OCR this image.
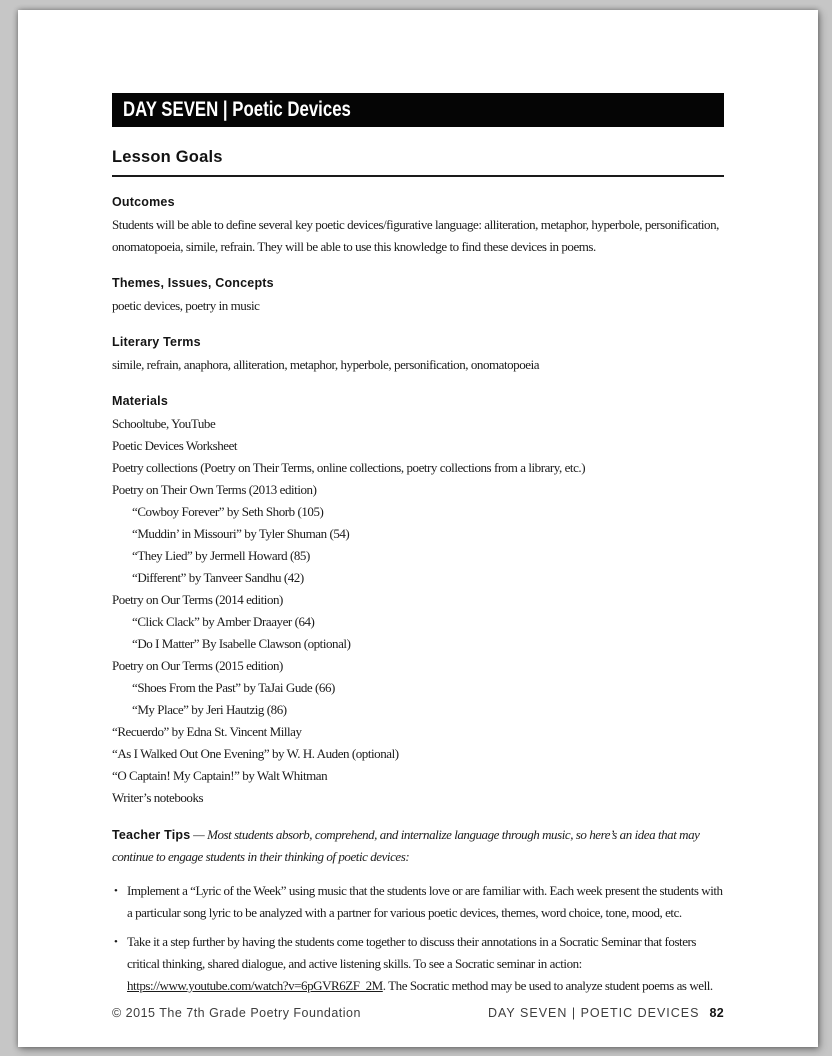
DAY SEVEN | Poetic Devices
Lesson Goals
Outcomes
Students will be able to define several key poetic devices/figurative language: alliteration, metaphor, hyperbole, personification, onomatopoeia, simile, refrain. They will be able to use this knowledge to find these devices in poems.
Themes, Issues, Concepts
poetic devices, poetry in music
Literary Terms
simile, refrain, anaphora, alliteration, metaphor, hyperbole, personification, onomatopoeia
Materials
Schooltube, YouTube
Poetic Devices Worksheet
Poetry collections (Poetry on Their Terms, online collections, poetry collections from a library, etc.)
Poetry on Their Own Terms (2013 edition)
“Cowboy Forever” by Seth Shorb (105)
“Muddin’ in Missouri” by Tyler Shuman (54)
“They Lied” by Jermell Howard (85)
“Different” by Tanveer Sandhu (42)
Poetry on Our Terms (2014 edition)
“Click Clack” by Amber Draayer (64)
“Do I Matter” By Isabelle Clawson (optional)
Poetry on Our Terms (2015 edition)
“Shoes From the Past” by TaJai Gude (66)
“My Place” by Jeri Hautzig (86)
“Recuerdo” by Edna St. Vincent Millay
“As I Walked Out One Evening” by W. H. Auden (optional)
“O Captain! My Captain!” by Walt Whitman
Writer’s notebooks
Teacher Tips — Most students absorb, comprehend, and internalize language through music, so here’s an idea that may continue to engage students in their thinking of poetic devices:
• Implement a “Lyric of the Week” using music that the students love or are familiar with. Each week present the students with a particular song lyric to be analyzed with a partner for various poetic devices, themes, word choice, tone, mood, etc.
• Take it a step further by having the students come together to discuss their annotations in a Socratic Seminar that fosters critical thinking, shared dialogue, and active listening skills. To see a Socratic seminar in action: https://www.youtube.com/watch?v=6pGVR6ZF_2M. The Socratic method may be used to analyze student poems as well.
© 2015 The 7th Grade Poetry Foundation	DAY SEVEN | POETIC DEVICES 82
